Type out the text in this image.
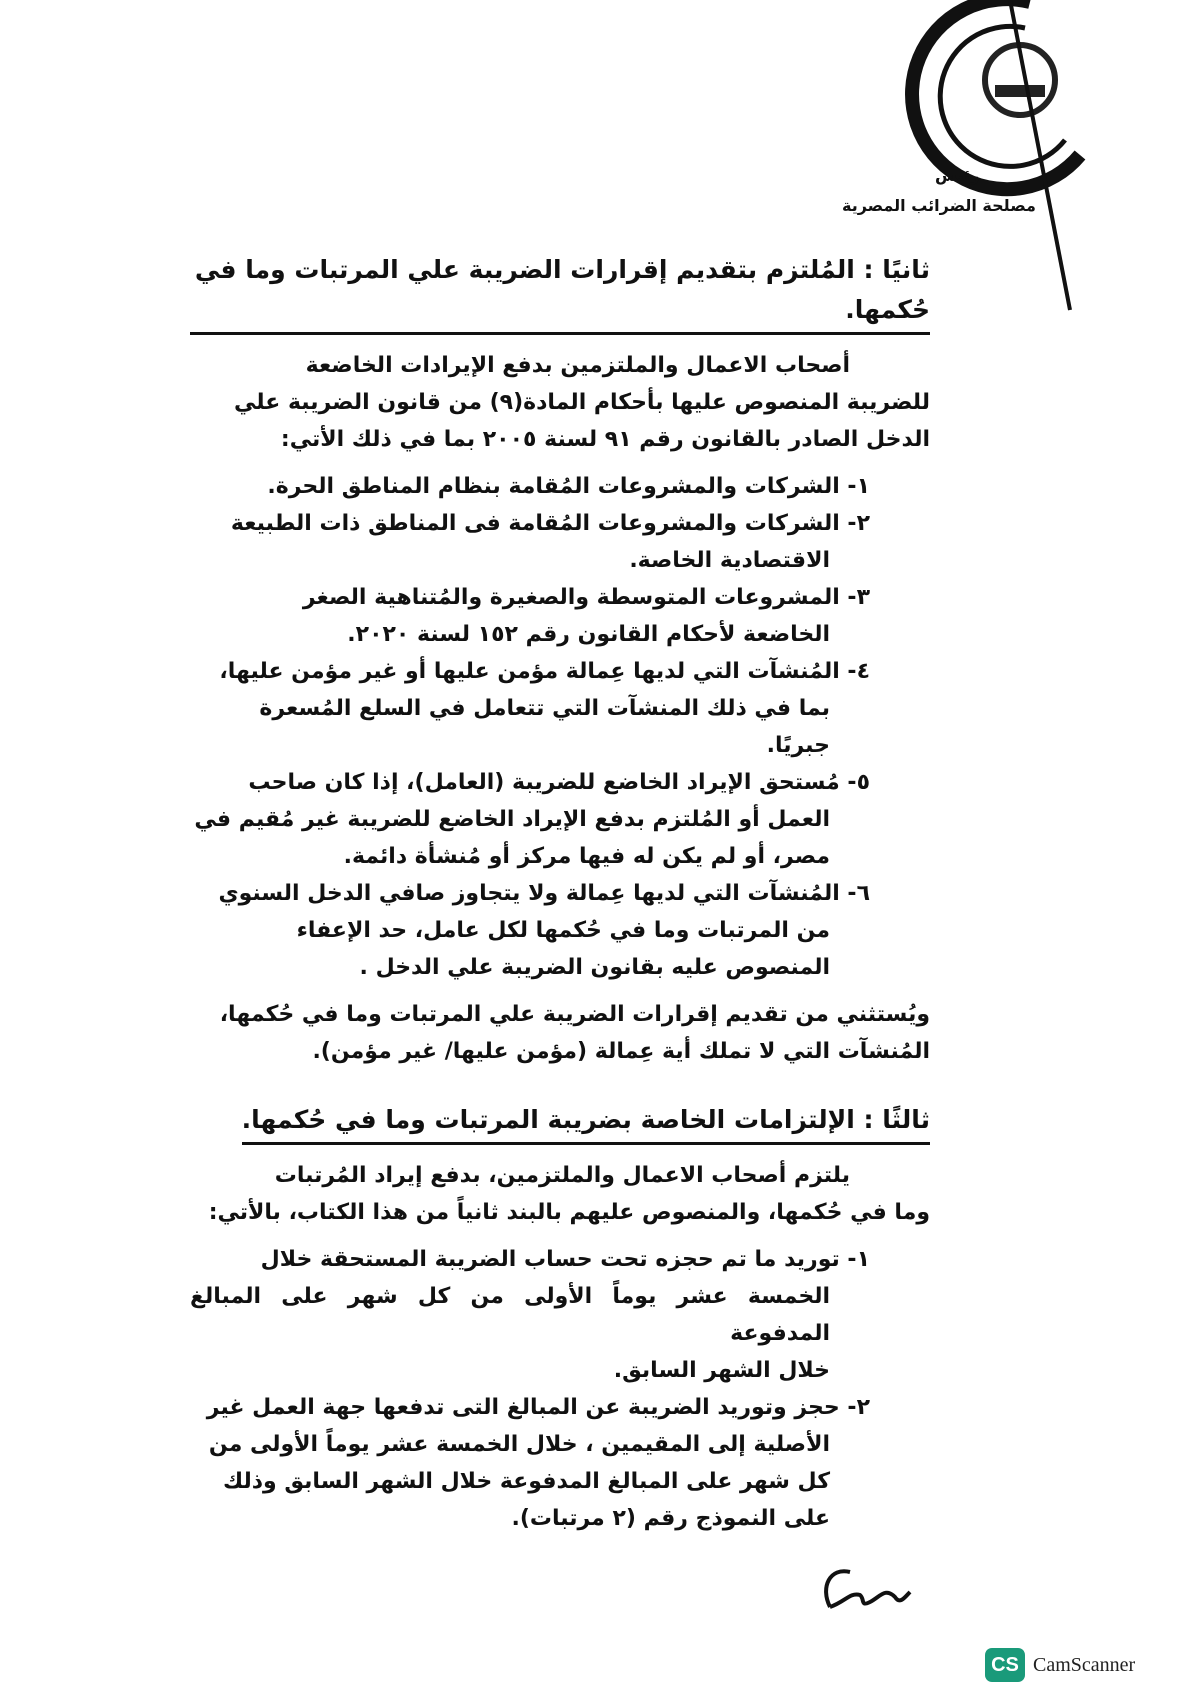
رئيس
مصلحة الضرائب المصرية
ثانيًا : المُلتزم بتقديم إقرارات الضريبة علي المرتبات وما في حُكمها.
أصحاب الاعمال والملتزمين بدفع الإيرادات الخاضعة
للضريبة المنصوص عليها بأحكام المادة(٩) من قانون الضريبة علي
الدخل الصادر بالقانون رقم ٩١ لسنة ٢٠٠٥ بما في ذلك الأتي:
١- الشركات والمشروعات المُقامة بنظام المناطق الحرة.
٢- الشركات والمشروعات المُقامة فى المناطق ذات الطبيعة
الاقتصادية الخاصة.
٣- المشروعات المتوسطة والصغيرة والمُتناهية الصغر
الخاضعة لأحكام القانون رقم ١٥٢ لسنة ٢٠٢٠.
٤- المُنشآت التي لديها عِمالة مؤمن عليها أو غير مؤمن عليها،
بما في ذلك المنشآت التي تتعامل في السلع المُسعرة جبريًا.
٥- مُستحق الإيراد الخاضع للضريبة (العامل)، إذا كان صاحب
العمل أو المُلتزم بدفع الإيراد الخاضع للضريبة غير مُقيم في
مصر، أو لم يكن له فيها مركز أو مُنشأة دائمة.
٦- المُنشآت التي لديها عِمالة ولا يتجاوز صافي الدخل السنوي
من المرتبات وما في حُكمها لكل عامل، حد الإعفاء
المنصوص عليه بقانون الضريبة علي الدخل .
ويُستثني من تقديم إقرارات الضريبة علي المرتبات وما في حُكمها،
المُنشآت التي لا تملك أية عِمالة (مؤمن عليها/ غير مؤمن).
ثالثًا : الإلتزامات الخاصة بضريبة المرتبات وما في حُكمها.
يلتزم أصحاب الاعمال والملتزمين، بدفع إيراد المُرتبات
وما في حُكمها، والمنصوص عليهم بالبند ثانياً من هذا الكتاب، بالأتي:
١- توريد ما تم حجزه تحت حساب الضريبة المستحقة خلال
الخمسة عشر يوماً الأولى من كل شهر على المبالغ المدفوعة
خلال الشهر السابق.
٢- حجز وتوريد الضريبة عن المبالغ التى تدفعها جهة العمل غير
الأصلية إلى المقيمين ، خلال الخمسة عشر يوماً الأولى من
كل شهر على المبالغ المدفوعة خلال الشهر السابق وذلك
على النموذج رقم (٢ مرتبات).
CS CamScanner
